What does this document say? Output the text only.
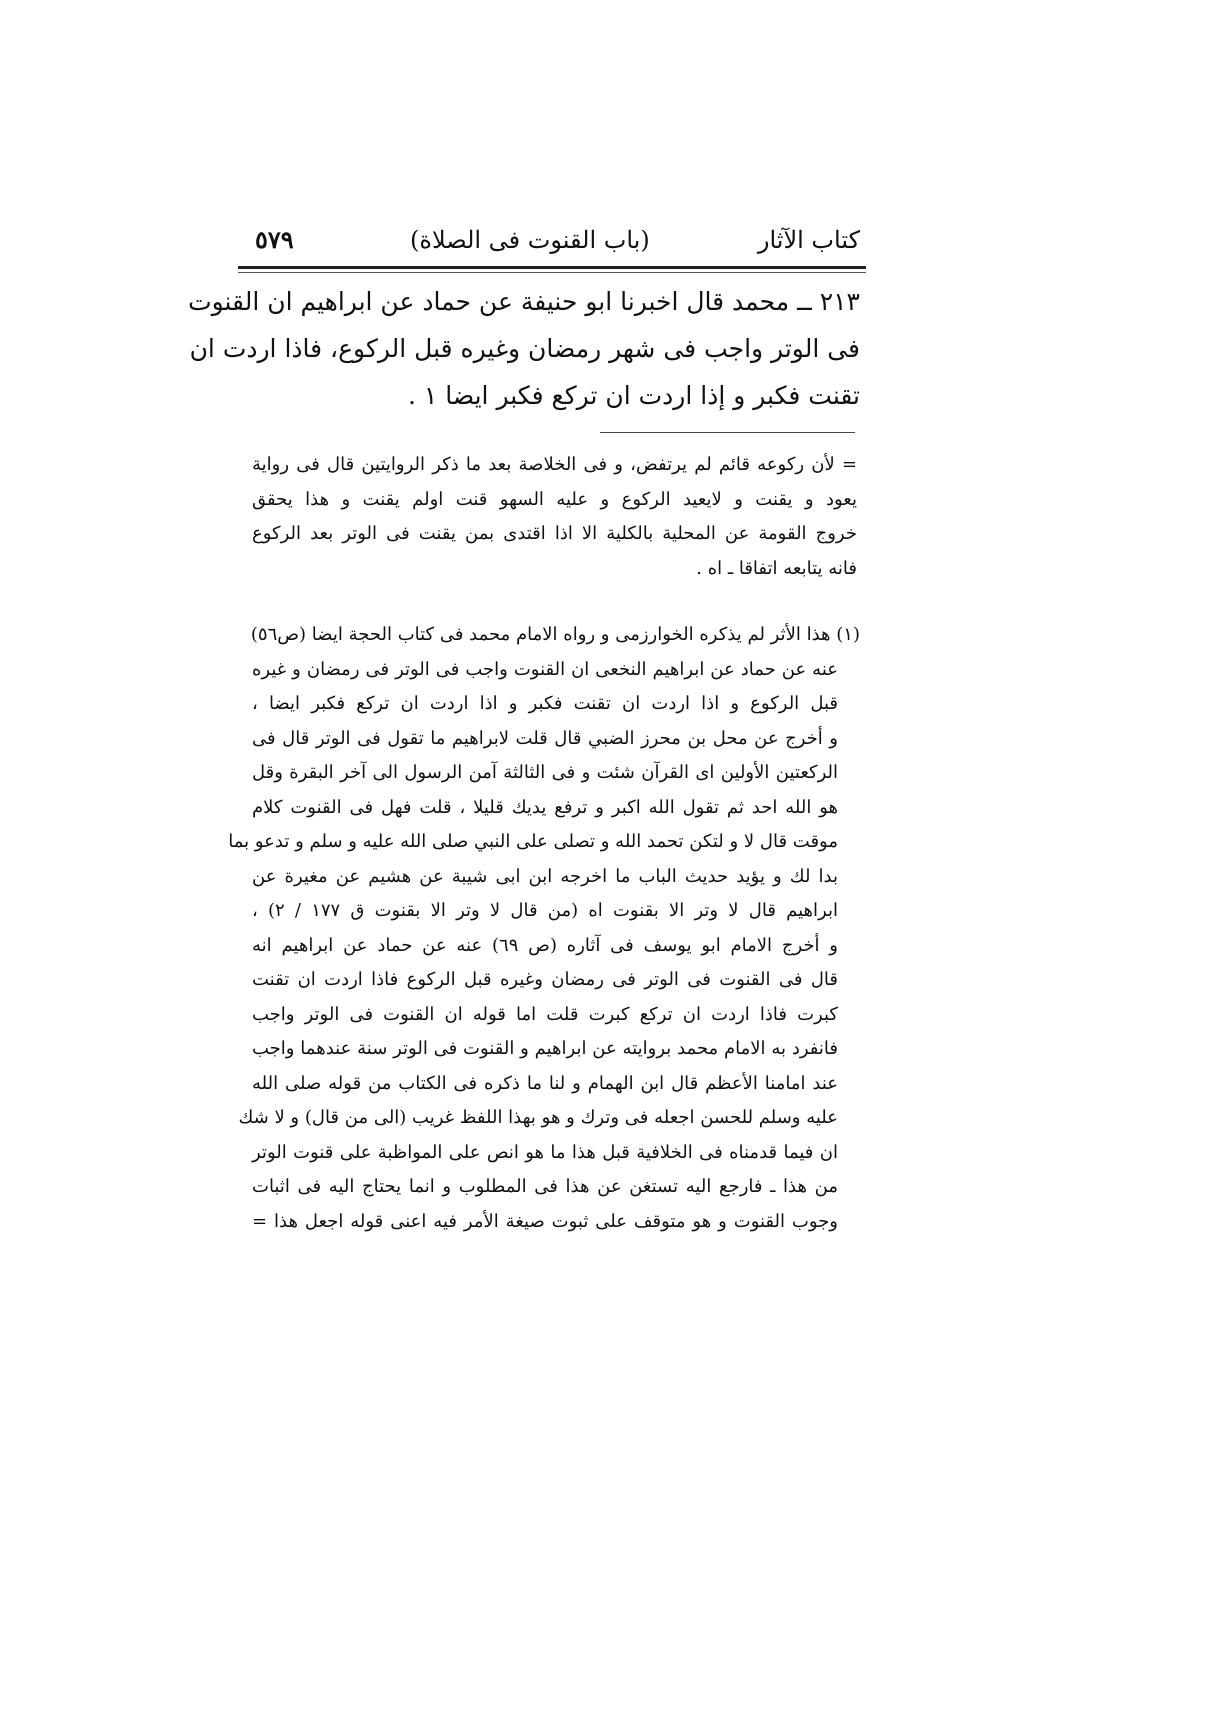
كتاب الآثار
(باب القنوت فى الصلاة)
٥٧٩
٢١٣ ــ محمد قال اخبرنا ابو حنيفة عن حماد عن ابراهيم ان القنوت
فى الوتر واجب فى شهر رمضان وغيره قبل الركوع، فاذا اردت ان
تقنت فكبر و إذا اردت ان تركع فكبر ايضا ١ .
= لأن ركوعه قائم لم يرتفض، و فى الخلاصة بعد ما ذكر الروايتين قال فى رواية
يعود و يقنت و لايعيد الركوع و عليه السهو قنت اولم يقنت و هذا يحقق
خروج القومة عن المحلية بالكلية الا اذا اقتدى بمن يقنت فى الوتر بعد الركوع
فانه يتابعه اتفاقا ـ اه .
(١) هذا الأثر لم يذكره الخوارزمى و رواه الامام محمد فى كتاب الحجة ايضا (ص٥٦)
عنه عن حماد عن ابراهيم النخعى ان القنوت واجب فى الوتر فى رمضان و غيره
قبل الركوع و اذا اردت ان تقنت فكبر و اذا اردت ان تركع فكبر ايضا ،
و أخرج عن محل بن محرز الضبي قال قلت لابراهيم ما تقول فى الوتر قال فى
الركعتين الأولين اى القرآن شئت و فى الثالثة آمن الرسول الى آخر البقرة وقل
هو الله احد ثم تقول الله اكبر و ترفع يديك قليلا ، قلت فهل فى القنوت كلام
موقت قال لا و لتكن تحمد الله و تصلى على النبي صلى الله عليه و سلم و تدعو بما
بدا لك و يؤيد حديث الباب ما اخرجه ابن ابى شيبة عن هشيم عن مغيرة عن
ابراهيم قال لا وتر الا بقنوت اه (من قال لا وتر الا بقنوت ق ١٧٧ / ٢) ،
و أخرج الامام ابو يوسف فى آثاره (ص ٦٩) عنه عن حماد عن ابراهيم انه
قال فى القنوت فى الوتر فى رمضان وغيره قبل الركوع فاذا اردت ان تقنت
كبرت فاذا اردت ان تركع كبرت قلت اما قوله ان القنوت فى الوتر واجب
فانفرد به الامام محمد بروايته عن ابراهيم و القنوت فى الوتر سنة عندهما واجب
عند امامنا الأعظم قال ابن الهمام و لنا ما ذكره فى الكتاب من قوله صلى الله
عليه وسلم للحسن اجعله فى وترك و هو بهذا اللفظ غريب (الى من قال) و لا شك
ان فيما قدمناه فى الخلافية قبل هذا ما هو انص على المواظبة على قنوت الوتر
من هذا ـ فارجع اليه تستغن عن هذا فى المطلوب و انما يحتاج اليه فى اثبات
وجوب القنوت و هو متوقف على ثبوت صيغة الأمر فيه اعنى قوله اجعل هذا =
